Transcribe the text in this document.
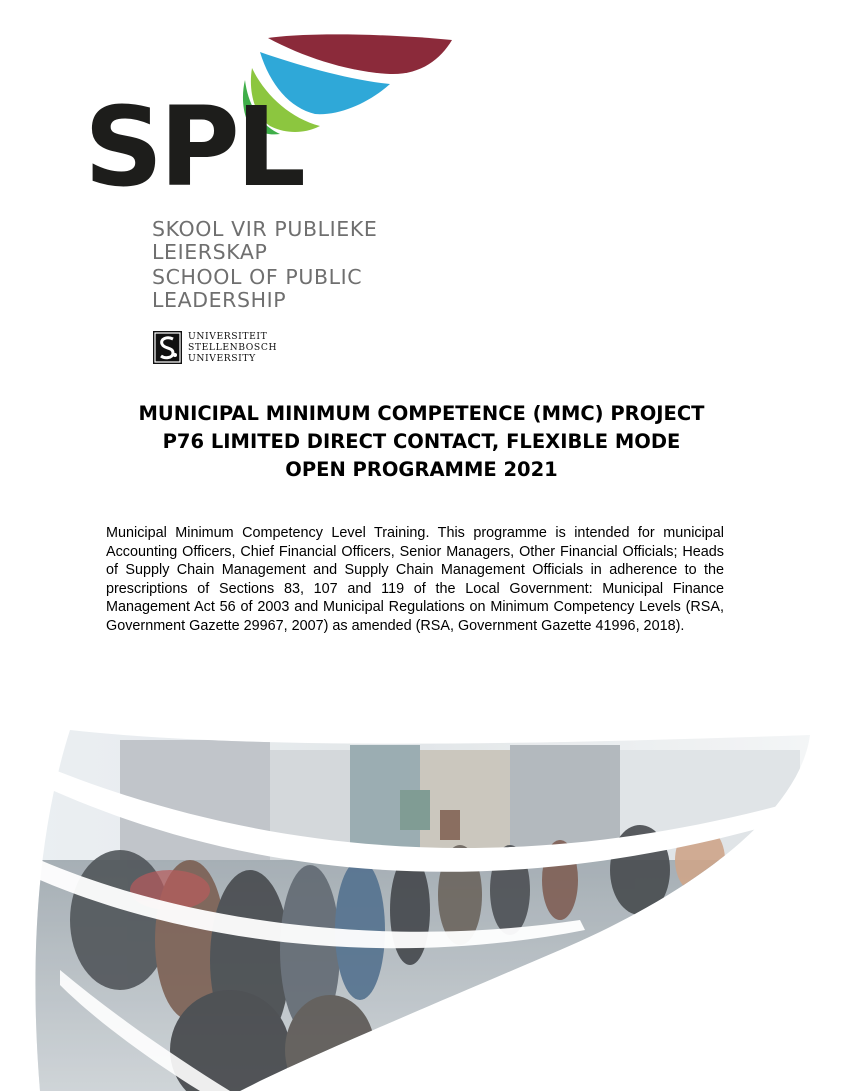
SPL
SKOOL VIR PUBLIEKE
LEIERSKAP
SCHOOL OF PUBLIC
LEADERSHIP
UNIVERSITEIT
STELLENBOSCH
UNIVERSITY
MUNICIPAL MINIMUM COMPETENCE (MMC) PROJECT
P76 LIMITED DIRECT CONTACT, FLEXIBLE MODE
OPEN PROGRAMME 2021

Municipal Minimum Competency Level Training. This programme is intended for municipal Accounting Officers, Chief Financial Officers, Senior Managers, Other Financial Officials; Heads of Supply Chain Management and Supply Chain Management Officials in adherence to the prescriptions of Sections 83, 107 and 119 of the Local Government: Municipal Finance Management Act 56 of 2003 and Municipal Regulations on Minimum Competency Levels (RSA, Government Gazette 29967, 2007) as amended (RSA, Government Gazette 41996, 2018).
